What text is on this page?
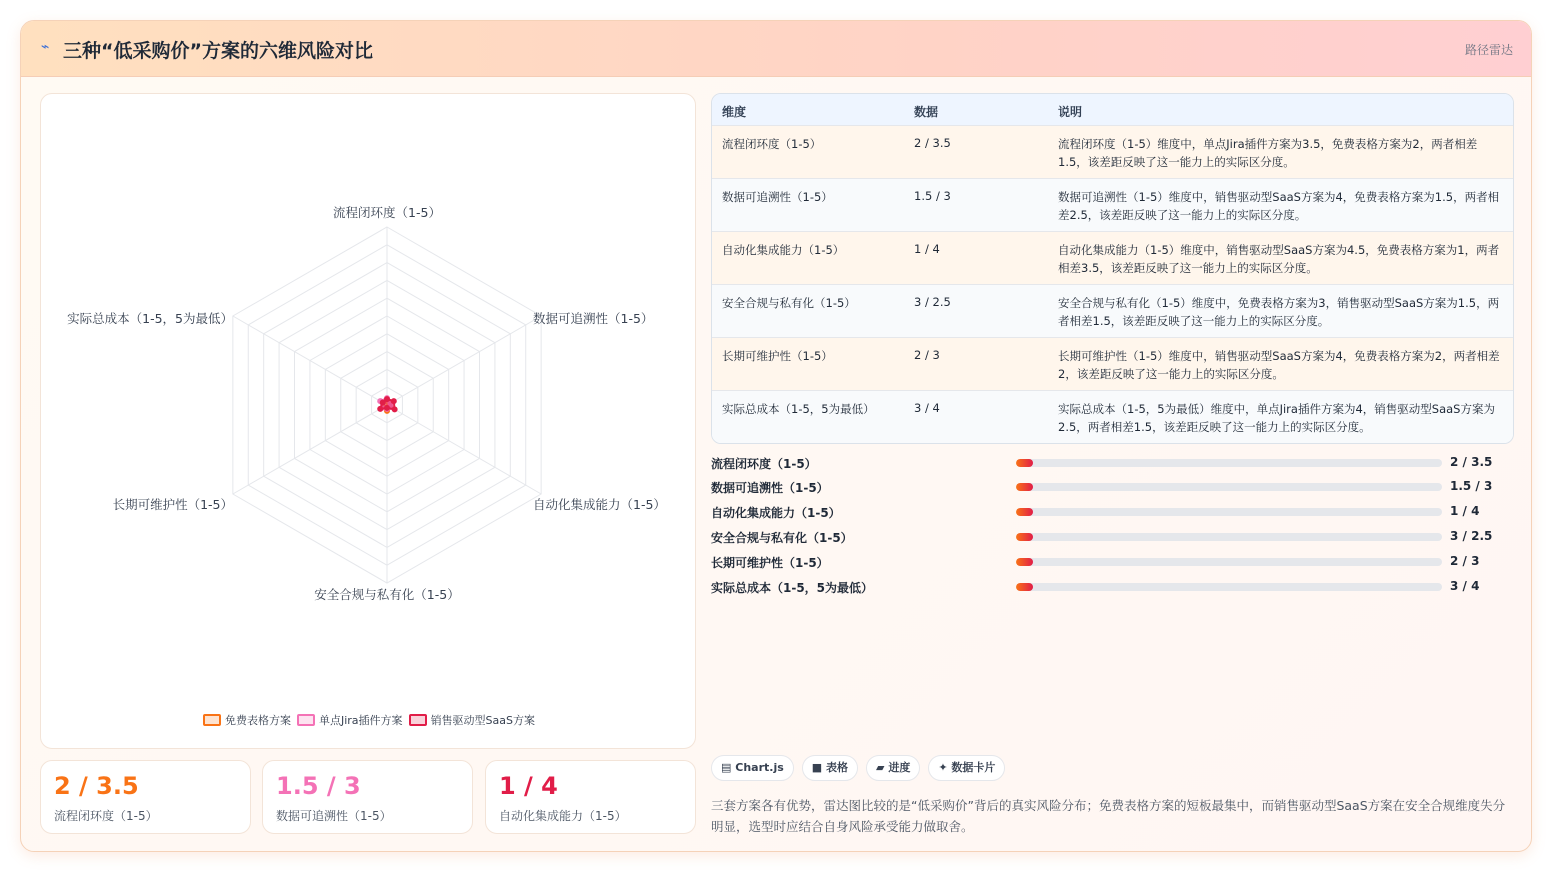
⌁ 三种“低采购价”方案的六维风险对比	路径雷达
流程闭环度（1-5）
数据可追溯性（1-5）
自动化集成能力（1-5）
安全合规与私有化（1-5）
长期可维护性（1-5）
实际总成本（1-5，5为最低）
免费表格方案	单点Jira插件方案	销售驱动型SaaS方案
2 / 3.5
流程闭环度（1-5）
1.5 / 3
数据可追溯性（1-5）
1 / 4
自动化集成能力（1-5）
维度	数据	说明
流程闭环度（1-5）	2 / 3.5	流程闭环度（1-5）维度中，单点Jira插件方案为3.5，免费表格方案为2，两者相差1.5，该差距反映了这一能力上的实际区分度。
数据可追溯性（1-5）	1.5 / 3	数据可追溯性（1-5）维度中，销售驱动型SaaS方案为4，免费表格方案为1.5，两者相差2.5，该差距反映了这一能力上的实际区分度。
自动化集成能力（1-5）	1 / 4	自动化集成能力（1-5）维度中，销售驱动型SaaS方案为4.5，免费表格方案为1，两者相差3.5，该差距反映了这一能力上的实际区分度。
安全合规与私有化（1-5）	3 / 2.5	安全合规与私有化（1-5）维度中，免费表格方案为3，销售驱动型SaaS方案为1.5，两者相差1.5，该差距反映了这一能力上的实际区分度。
长期可维护性（1-5）	2 / 3	长期可维护性（1-5）维度中，销售驱动型SaaS方案为4，免费表格方案为2，两者相差2，该差距反映了这一能力上的实际区分度。
实际总成本（1-5，5为最低）	3 / 4	实际总成本（1-5，5为最低）维度中，单点Jira插件方案为4，销售驱动型SaaS方案为2.5，两者相差1.5，该差距反映了这一能力上的实际区分度。
流程闭环度（1-5）	2 / 3.5
数据可追溯性（1-5）	1.5 / 3
自动化集成能力（1-5）	1 / 4
安全合规与私有化（1-5）	3 / 2.5
长期可维护性（1-5）	2 / 3
实际总成本（1-5，5为最低）	3 / 4
▤ Chart.js	■ 表格	▰ 进度	✦ 数据卡片
三套方案各有优势，雷达图比较的是“低采购价”背后的真实风险分布；免费表格方案的短板最集中，而销售驱动型SaaS方案在安全合规维度失分明显，选型时应结合自身风险承受能力做取舍。
